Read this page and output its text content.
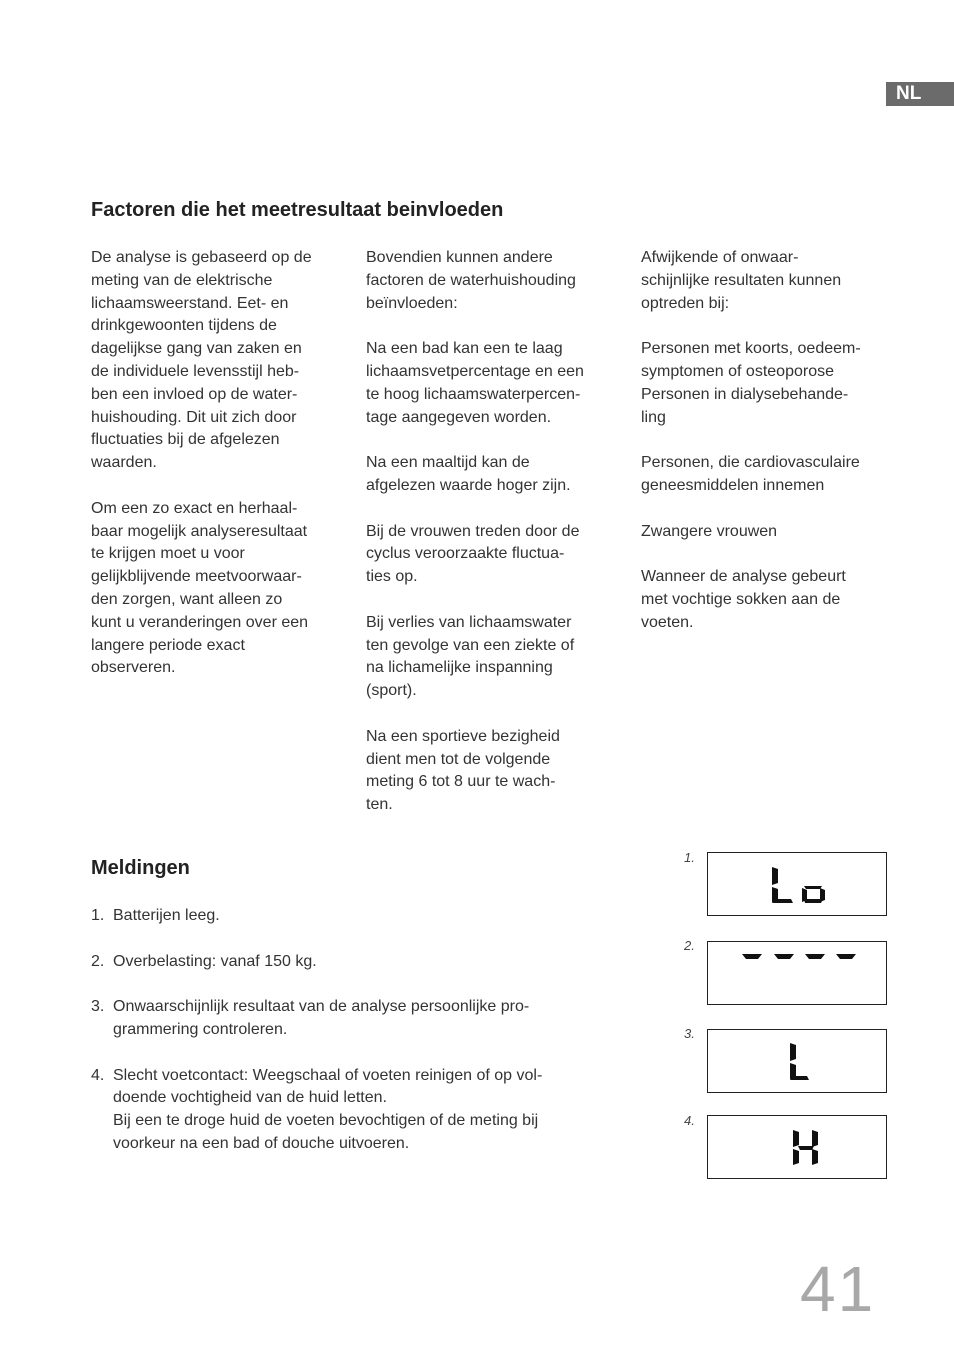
NL
Factoren die het meetresultaat beinvloeden

De analyse is gebaseerd op de
meting van de elektrische
lichaamsweerstand. Eet- en
drinkgewoonten tijdens de
dagelijkse gang van zaken en
de individuele levensstijl heb-
ben een invloed op de water-
huishouding. Dit uit zich door
fluctuaties bij de afgelezen
waarden.

Om een zo exact en herhaal-
baar mogelijk analyseresultaat
te krijgen moet u voor
gelijkblijvende meetvoorwaar-
den zorgen, want alleen zo
kunt u veranderingen over een
langere periode exact
observeren.

Bovendien kunnen andere
factoren de waterhuishouding
beïnvloeden:

Na een bad kan een te laag
lichaamsvetpercentage en een
te hoog lichaamswaterpercen-
tage aangegeven worden.

Na een maaltijd kan de
afgelezen waarde hoger zijn.

Bij de vrouwen treden door de
cyclus veroorzaakte fluctua-
ties op.

Bij verlies van lichaamswater
ten gevolge van een ziekte of
na lichamelijke inspanning
(sport).

Na een sportieve bezigheid
dient men tot de volgende
meting 6 tot 8 uur te wach-
ten.

Afwijkende of onwaar-
schijnlijke resultaten kunnen
optreden bij:

Personen met koorts, oedeem-
symptomen of osteoporose
Personen in dialysebehande-
ling

Personen, die cardiovasculaire
geneesmiddelen innemen

Zwangere vrouwen

Wanneer de analyse gebeurt
met vochtige sokken aan de
voeten.

Meldingen
1. Batterijen leeg.
2. Overbelasting: vanaf 150 kg.
3. Onwaarschijnlijk resultaat van de analyse persoonlijke pro-
grammering controleren.
4. Slecht voetcontact: Weegschaal of voeten reinigen of op vol-
doende vochtigheid van de huid letten.
Bij een te droge huid de voeten bevochtigen of de meting bij
voorkeur na een bad of douche uitvoeren.
1.
2.
3.
4.
41
